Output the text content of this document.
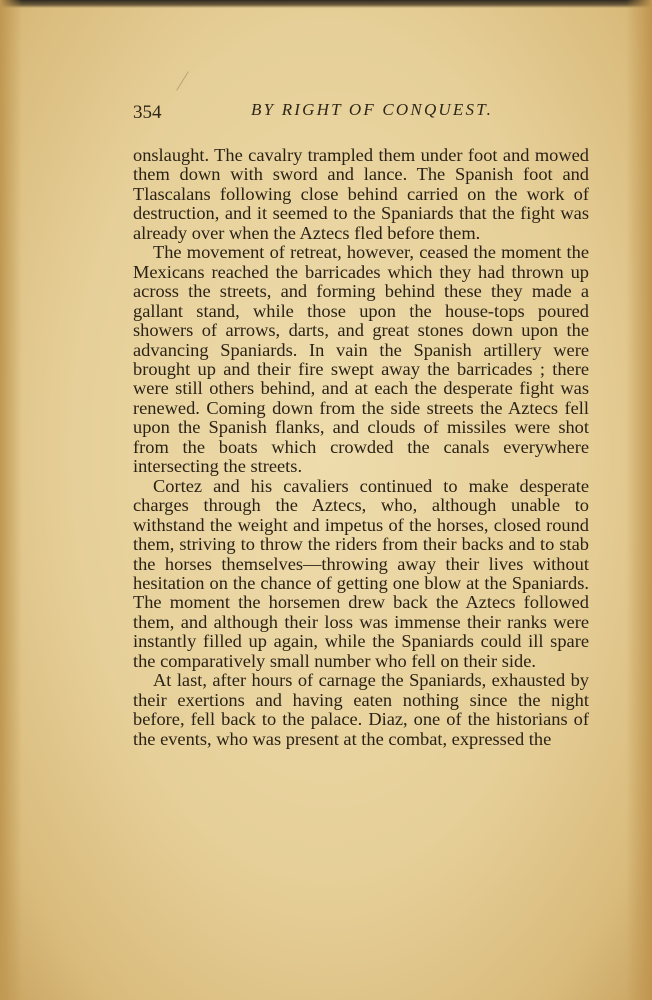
354	BY RIGHT OF CONQUEST.

onslaught. The cavalry trampled them under foot and mowed them down with sword and lance. The Spanish foot and Tlascalans following close behind carried on the work of destruction, and it seemed to the Spaniards that the fight was already over when the Aztecs fled before them.

The movement of retreat, however, ceased the moment the Mexicans reached the barricades which they had thrown up across the streets, and forming behind these they made a gallant stand, while those upon the house-tops poured showers of arrows, darts, and great stones down upon the advancing Spaniards. In vain the Spanish artillery were brought up and their fire swept away the barricades ; there were still others behind, and at each the desperate fight was renewed. Coming down from the side streets the Aztecs fell upon the Spanish flanks, and clouds of missiles were shot from the boats which crowded the canals everywhere intersecting the streets.

Cortez and his cavaliers continued to make desperate charges through the Aztecs, who, although unable to withstand the weight and impetus of the horses, closed round them, striving to throw the riders from their backs and to stab the horses themselves—throwing away their lives without hesitation on the chance of getting one blow at the Spaniards. The moment the horsemen drew back the Aztecs followed them, and although their loss was immense their ranks were instantly filled up again, while the Spaniards could ill spare the comparatively small number who fell on their side.

At last, after hours of carnage the Spaniards, exhausted by their exertions and having eaten nothing since the night before, fell back to the palace. Diaz, one of the historians of the events, who was present at the combat, expressed the
